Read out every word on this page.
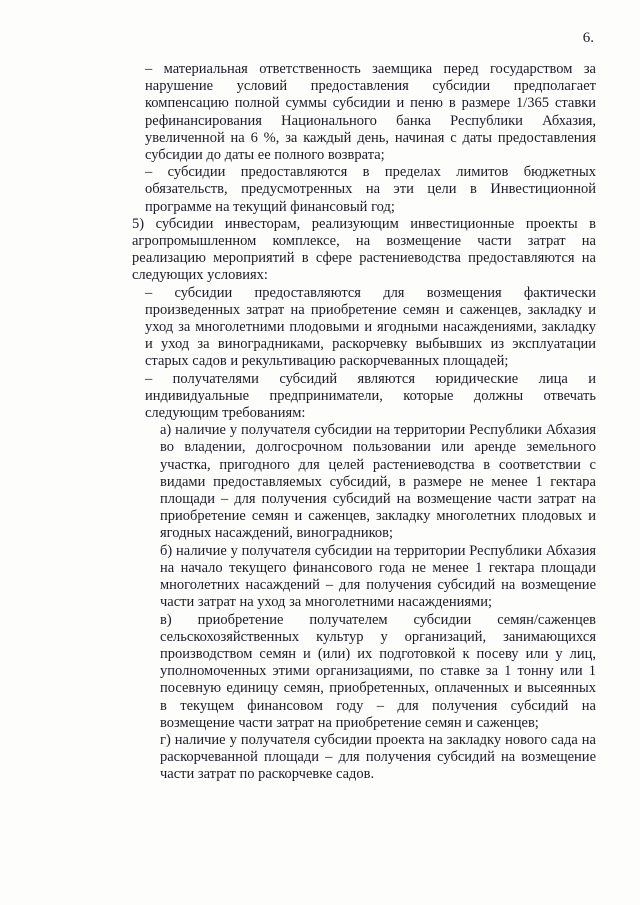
6.

– материальная ответственность заемщика перед государством за нарушение условий предоставления субсидии предполагает компенсацию полной суммы субсидии и пеню в размере 1/365 ставки рефинансирования Национального банка Республики Абхазия, увеличенной на 6 %, за каждый день, начиная с даты предоставления субсидии до даты ее полного возврата;

– субсидии предоставляются в пределах лимитов бюджетных обязательств, предусмотренных на эти цели в Инвестиционной программе на текущий финансовый год;

5) субсидии инвесторам, реализующим инвестиционные проекты в агропромышленном комплексе, на возмещение части затрат на реализацию мероприятий в сфере растениеводства предоставляются на следующих условиях:

– субсидии предоставляются для возмещения фактически произведенных затрат на приобретение семян и саженцев, закладку и уход за многолетними плодовыми и ягодными насаждениями, закладку и уход за виноградниками, раскорчевку выбывших из эксплуатации старых садов и рекультивацию раскорчеванных площадей;

– получателями субсидий являются юридические лица и индивидуальные предприниматели, которые должны отвечать следующим требованиям:

а) наличие у получателя субсидии на территории Республики Абхазия во владении, долгосрочном пользовании или аренде земельного участка, пригодного для целей растениеводства в соответствии с видами предоставляемых субсидий, в размере не менее 1 гектара площади – для получения субсидий на возмещение части затрат на приобретение семян и саженцев, закладку многолетних плодовых и ягодных насаждений, виноградников;

б) наличие у получателя субсидии на территории Республики Абхазия на начало текущего финансового года не менее 1 гектара площади многолетних насаждений – для получения субсидий на возмещение части затрат на уход за многолетними насаждениями;

в) приобретение получателем субсидии семян/саженцев сельскохозяйственных культур у организаций, занимающихся производством семян и (или) их подготовкой к посеву или у лиц, уполномоченных этими организациями, по ставке за 1 тонну или 1 посевную единицу семян, приобретенных, оплаченных и высеянных в текущем финансовом году – для получения субсидий на возмещение части затрат на приобретение семян и саженцев;

г) наличие у получателя субсидии проекта на закладку нового сада на раскорчеванной площади – для получения субсидий на возмещение части затрат по раскорчевке садов.
